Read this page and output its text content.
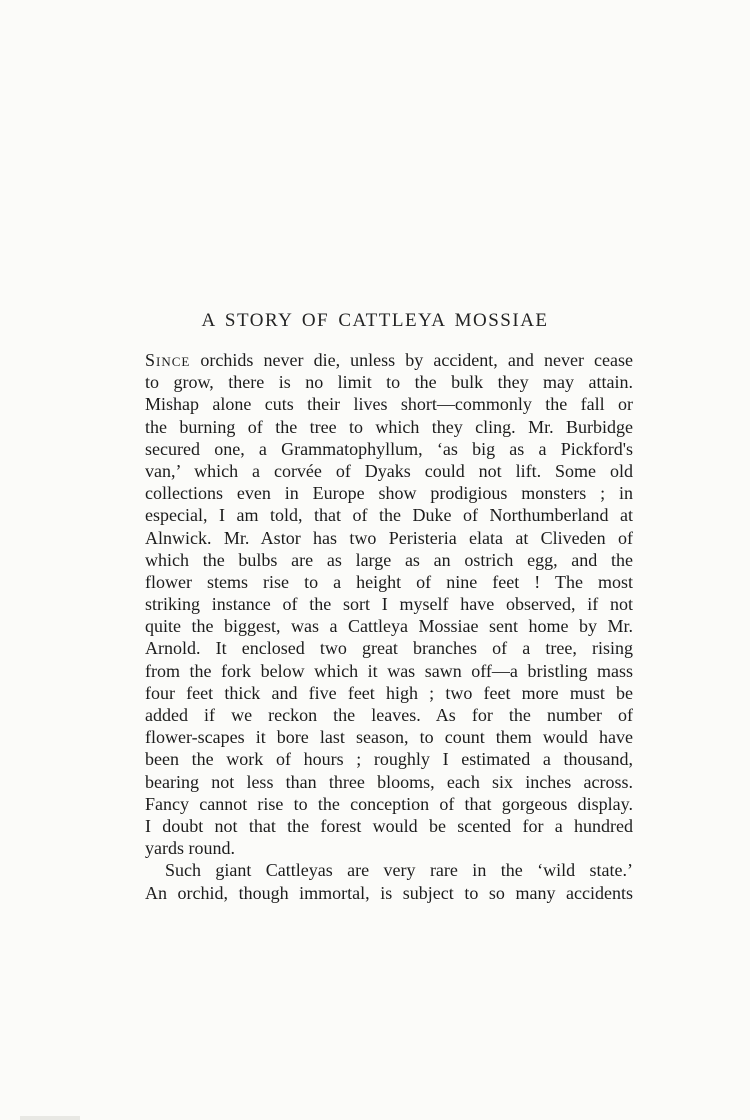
A STORY OF CATTLEYA MOSSIAE
Since orchids never die, unless by accident, and never cease
to grow, there is no limit to the bulk they may attain.
Mishap alone cuts their lives short—commonly the fall or
the burning of the tree to which they cling. Mr. Burbidge
secured one, a Grammatophyllum, ‘as big as a Pickford's
van,’ which a corvée of Dyaks could not lift. Some old
collections even in Europe show prodigious monsters ; in
especial, I am told, that of the Duke of Northumberland at
Alnwick. Mr. Astor has two Peristeria elata at Cliveden of
which the bulbs are as large as an ostrich egg, and the
flower stems rise to a height of nine feet ! The most
striking instance of the sort I myself have observed, if not
quite the biggest, was a Cattleya Mossiae sent home by Mr.
Arnold. It enclosed two great branches of a tree, rising
from the fork below which it was sawn off—a bristling mass
four feet thick and five feet high ; two feet more must be
added if we reckon the leaves. As for the number of
flower-scapes it bore last season, to count them would have
been the work of hours ; roughly I estimated a thousand,
bearing not less than three blooms, each six inches across.
Fancy cannot rise to the conception of that gorgeous display.
I doubt not that the forest would be scented for a hundred
yards round.
Such giant Cattleyas are very rare in the ‘wild state.’
An orchid, though immortal, is subject to so many accidents
